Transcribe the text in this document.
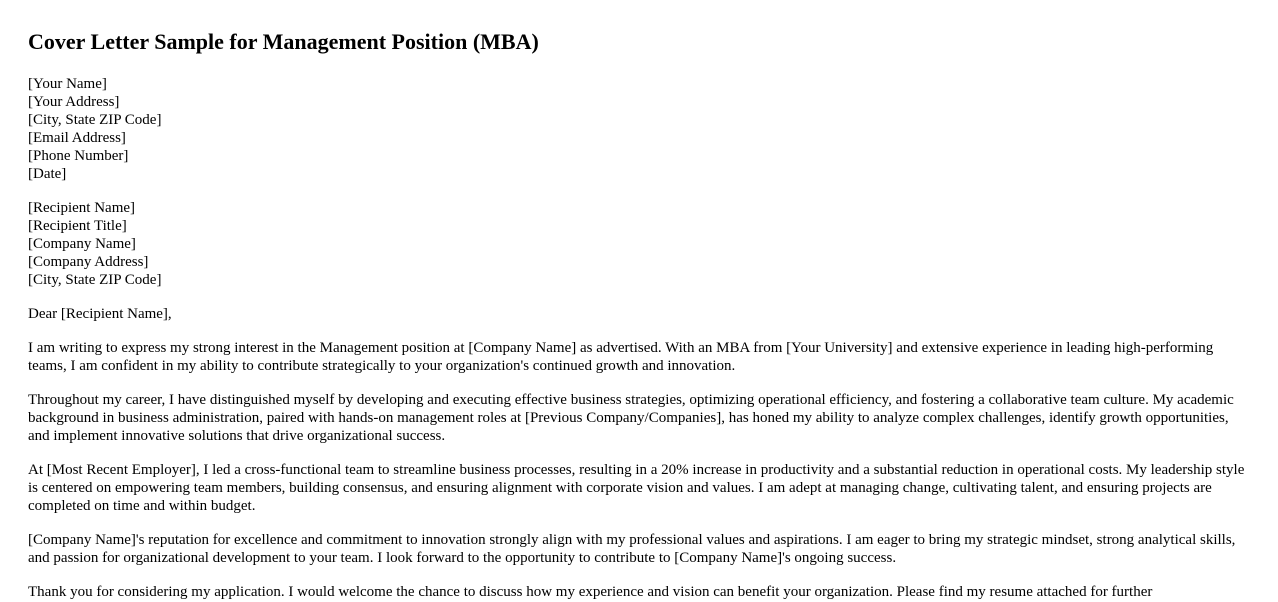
Cover Letter Sample for Management Position (MBA)
[Your Name]
[Your Address]
[City, State ZIP Code]
[Email Address]
[Phone Number]
[Date]
[Recipient Name]
[Recipient Title]
[Company Name]
[Company Address]
[City, State ZIP Code]

Dear [Recipient Name],

I am writing to express my strong interest in the Management position at [Company Name] as advertised. With an MBA from [Your University] and extensive experience in leading high-performing teams, I am confident in my ability to contribute strategically to your organization's continued growth and innovation.

Throughout my career, I have distinguished myself by developing and executing effective business strategies, optimizing operational efficiency, and fostering a collaborative team culture. My academic background in business administration, paired with hands-on management roles at [Previous Company/Companies], has honed my ability to analyze complex challenges, identify growth opportunities, and implement innovative solutions that drive organizational success.

At [Most Recent Employer], I led a cross-functional team to streamline business processes, resulting in a 20% increase in productivity and a substantial reduction in operational costs. My leadership style is centered on empowering team members, building consensus, and ensuring alignment with corporate vision and values. I am adept at managing change, cultivating talent, and ensuring projects are completed on time and within budget.

[Company Name]'s reputation for excellence and commitment to innovation strongly align with my professional values and aspirations. I am eager to bring my strategic mindset, strong analytical skills, and passion for organizational development to your team. I look forward to the opportunity to contribute to [Company Name]'s ongoing success.

Thank you for considering my application. I would welcome the chance to discuss how my experience and vision can benefit your organization. Please find my resume attached for further
